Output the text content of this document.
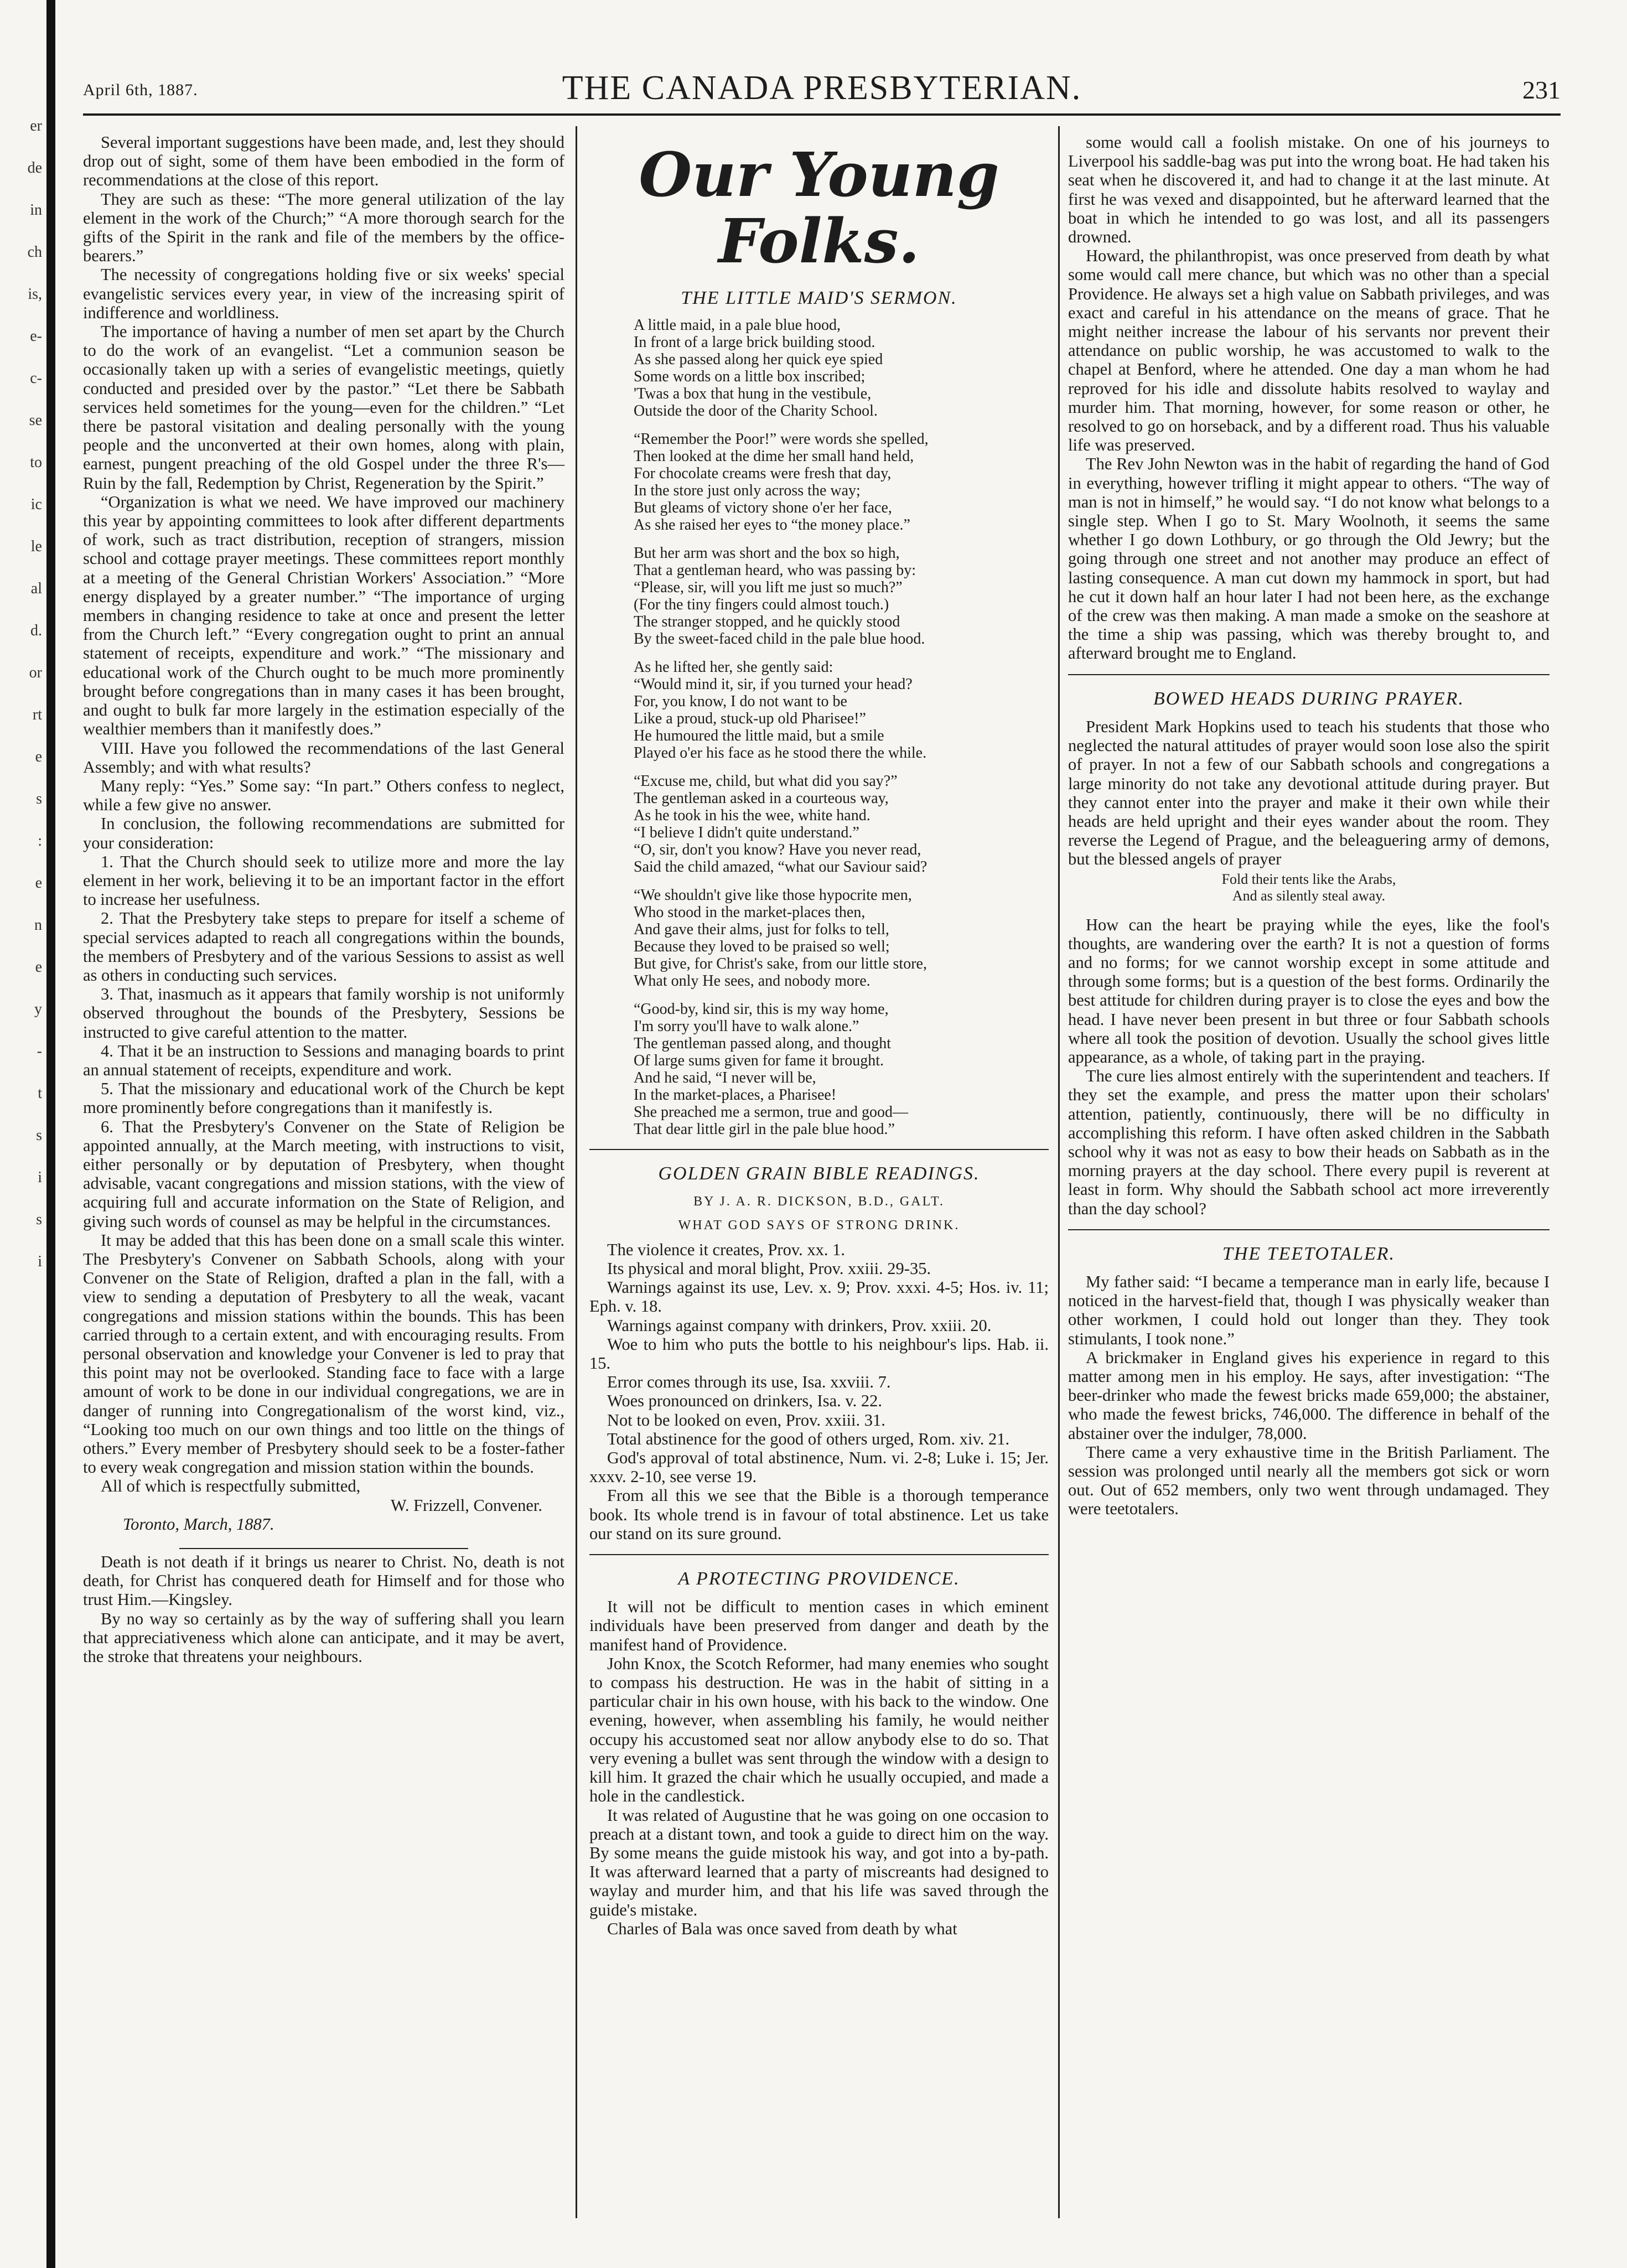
er
de
in
ch
is,
e-
c-
se
to
ic
le
al
d.
or
rt
e
s
:
e
n
e
y
-
t
s
i
s
i
April 6th, 1887.	THE CANADA PRESBYTERIAN.	231

Several important suggestions have been made, and, lest they should drop out of sight, some of them have been embodied in the form of recommendations at the close of this report.

They are such as these: “The more general utilization of the lay element in the work of the Church;” “A more thorough search for the gifts of the Spirit in the rank and file of the members by the office-bearers.”

The necessity of congregations holding five or six weeks' special evangelistic services every year, in view of the increasing spirit of indifference and worldliness.

The importance of having a number of men set apart by the Church to do the work of an evangelist. “Let a communion season be occasionally taken up with a series of evangelistic meetings, quietly conducted and presided over by the pastor.” “Let there be Sabbath services held sometimes for the young—even for the children.” “Let there be pastoral visitation and dealing personally with the young people and the unconverted at their own homes, along with plain, earnest, pungent preaching of the old Gospel under the three R's—Ruin by the fall, Redemption by Christ, Regeneration by the Spirit.”

“Organization is what we need. We have improved our machinery this year by appointing committees to look after different departments of work, such as tract distribution, reception of strangers, mission school and cottage prayer meetings. These committees report monthly at a meeting of the General Christian Workers' Association.” “More energy displayed by a greater number.” “The importance of urging members in changing residence to take at once and present the letter from the Church left.” “Every congregation ought to print an annual statement of receipts, expenditure and work.” “The missionary and educational work of the Church ought to be much more prominently brought before congregations than in many cases it has been brought, and ought to bulk far more largely in the estimation especially of the wealthier members than it manifestly does.”

VIII. Have you followed the recommendations of the last General Assembly; and with what results?

Many reply: “Yes.” Some say: “In part.” Others confess to neglect, while a few give no answer.

In conclusion, the following recommendations are submitted for your consideration:

1. That the Church should seek to utilize more and more the lay element in her work, believing it to be an important factor in the effort to increase her usefulness.

2. That the Presbytery take steps to prepare for itself a scheme of special services adapted to reach all congregations within the bounds, the members of Presbytery and of the various Sessions to assist as well as others in conducting such services.

3. That, inasmuch as it appears that family worship is not uniformly observed throughout the bounds of the Presbytery, Sessions be instructed to give careful attention to the matter.

4. That it be an instruction to Sessions and managing boards to print an annual statement of receipts, expenditure and work.

5. That the missionary and educational work of the Church be kept more prominently before congregations than it manifestly is.

6. That the Presbytery's Convener on the State of Religion be appointed annually, at the March meeting, with instructions to visit, either personally or by deputation of Presbytery, when thought advisable, vacant congregations and mission stations, with the view of acquiring full and accurate information on the State of Religion, and giving such words of counsel as may be helpful in the circumstances.

It may be added that this has been done on a small scale this winter. The Presbytery's Convener on Sabbath Schools, along with your Convener on the State of Religion, drafted a plan in the fall, with a view to sending a deputation of Presbytery to all the weak, vacant congregations and mission stations within the bounds. This has been carried through to a certain extent, and with encouraging results. From personal observation and knowledge your Convener is led to pray that this point may not be overlooked. Standing face to face with a large amount of work to be done in our individual congregations, we are in danger of running into Congregationalism of the worst kind, viz., “Looking too much on our own things and too little on the things of others.” Every member of Presbytery should seek to be a foster-father to every weak congregation and mission station within the bounds.

All of which is respectfully submitted,

W. Frizzell, Convener.

Toronto, March, 1887.

Death is not death if it brings us nearer to Christ. No, death is not death, for Christ has conquered death for Himself and for those who trust Him.—Kingsley.

By no way so certainly as by the way of suffering shall you learn that appreciativeness which alone can anticipate, and it may be avert, the stroke that threatens your neighbours.

Our Young Folks.
THE LITTLE MAID'S SERMON.
A little maid, in a pale blue hood,
In front of a large brick building stood.
As she passed along her quick eye spied
Some words on a little box inscribed;
'Twas a box that hung in the vestibule,
Outside the door of the Charity School.
“Remember the Poor!” were words she spelled,
Then looked at the dime her small hand held,
For chocolate creams were fresh that day,
In the store just only across the way;
But gleams of victory shone o'er her face,
As she raised her eyes to “the money place.”
But her arm was short and the box so high,
That a gentleman heard, who was passing by:
“Please, sir, will you lift me just so much?”
(For the tiny fingers could almost touch.)
The stranger stopped, and he quickly stood
By the sweet-faced child in the pale blue hood.
As he lifted her, she gently said:
“Would mind it, sir, if you turned your head?
For, you know, I do not want to be
Like a proud, stuck-up old Pharisee!”
He humoured the little maid, but a smile
Played o'er his face as he stood there the while.
“Excuse me, child, but what did you say?”
The gentleman asked in a courteous way,
As he took in his the wee, white hand.
“I believe I didn't quite understand.”
“O, sir, don't you know? Have you never read,
Said the child amazed, “what our Saviour said?
“We shouldn't give like those hypocrite men,
Who stood in the market-places then,
And gave their alms, just for folks to tell,
Because they loved to be praised so well;
But give, for Christ's sake, from our little store,
What only He sees, and nobody more.
“Good-by, kind sir, this is my way home,
I'm sorry you'll have to walk alone.”
The gentleman passed along, and thought
Of large sums given for fame it brought.
And he said, “I never will be,
In the market-places, a Pharisee!
She preached me a sermon, true and good—
That dear little girl in the pale blue hood.”
GOLDEN GRAIN BIBLE READINGS.
BY J. A. R. DICKSON, B.D., GALT.
WHAT GOD SAYS OF STRONG DRINK.

The violence it creates, Prov. xx. 1.

Its physical and moral blight, Prov. xxiii. 29-35.

Warnings against its use, Lev. x. 9; Prov. xxxi. 4-5; Hos. iv. 11; Eph. v. 18.

Warnings against company with drinkers, Prov. xxiii. 20.

Woe to him who puts the bottle to his neighbour's lips. Hab. ii. 15.

Error comes through its use, Isa. xxviii. 7.

Woes pronounced on drinkers, Isa. v. 22.

Not to be looked on even, Prov. xxiii. 31.

Total abstinence for the good of others urged, Rom. xiv. 21.

God's approval of total abstinence, Num. vi. 2-8; Luke i. 15; Jer. xxxv. 2-10, see verse 19.

From all this we see that the Bible is a thorough temperance book. Its whole trend is in favour of total abstinence. Let us take our stand on its sure ground.

A PROTECTING PROVIDENCE.

It will not be difficult to mention cases in which eminent individuals have been preserved from danger and death by the manifest hand of Providence.

John Knox, the Scotch Reformer, had many enemies who sought to compass his destruction. He was in the habit of sitting in a particular chair in his own house, with his back to the window. One evening, however, when assembling his family, he would neither occupy his accustomed seat nor allow anybody else to do so. That very evening a bullet was sent through the window with a design to kill him. It grazed the chair which he usually occupied, and made a hole in the candlestick.

It was related of Augustine that he was going on one occasion to preach at a distant town, and took a guide to direct him on the way. By some means the guide mistook his way, and got into a by-path. It was afterward learned that a party of miscreants had designed to waylay and murder him, and that his life was saved through the guide's mistake.

Charles of Bala was once saved from death by what

some would call a foolish mistake. On one of his journeys to Liverpool his saddle-bag was put into the wrong boat. He had taken his seat when he discovered it, and had to change it at the last minute. At first he was vexed and disappointed, but he afterward learned that the boat in which he intended to go was lost, and all its passengers drowned.

Howard, the philanthropist, was once preserved from death by what some would call mere chance, but which was no other than a special Providence. He always set a high value on Sabbath privileges, and was exact and careful in his attendance on the means of grace. That he might neither increase the labour of his servants nor prevent their attendance on public worship, he was accustomed to walk to the chapel at Benford, where he attended. One day a man whom he had reproved for his idle and dissolute habits resolved to waylay and murder him. That morning, however, for some reason or other, he resolved to go on horseback, and by a different road. Thus his valuable life was preserved.

The Rev John Newton was in the habit of regarding the hand of God in everything, however trifling it might appear to others. “The way of man is not in himself,” he would say. “I do not know what belongs to a single step. When I go to St. Mary Woolnoth, it seems the same whether I go down Lothbury, or go through the Old Jewry; but the going through one street and not another may produce an effect of lasting consequence. A man cut down my hammock in sport, but had he cut it down half an hour later I had not been here, as the exchange of the crew was then making. A man made a smoke on the seashore at the time a ship was passing, which was thereby brought to, and afterward brought me to England.

BOWED HEADS DURING PRAYER.

President Mark Hopkins used to teach his students that those who neglected the natural attitudes of prayer would soon lose also the spirit of prayer. In not a few of our Sabbath schools and congregations a large minority do not take any devotional attitude during prayer. But they cannot enter into the prayer and make it their own while their heads are held upright and their eyes wander about the room. They reverse the Legend of Prague, and the beleaguering army of demons, but the blessed angels of prayer

Fold their tents like the Arabs,
And as silently steal away.

How can the heart be praying while the eyes, like the fool's thoughts, are wandering over the earth? It is not a question of forms and no forms; for we cannot worship except in some attitude and through some forms; but is a question of the best forms. Ordinarily the best attitude for children during prayer is to close the eyes and bow the head. I have never been present in but three or four Sabbath schools where all took the position of devotion. Usually the school gives little appearance, as a whole, of taking part in the praying.

The cure lies almost entirely with the superintendent and teachers. If they set the example, and press the matter upon their scholars' attention, patiently, continuously, there will be no difficulty in accomplishing this reform. I have often asked children in the Sabbath school why it was not as easy to bow their heads on Sabbath as in the morning prayers at the day school. There every pupil is reverent at least in form. Why should the Sabbath school act more irreverently than the day school?

THE TEETOTALER.

My father said: “I became a temperance man in early life, because I noticed in the harvest-field that, though I was physically weaker than other workmen, I could hold out longer than they. They took stimulants, I took none.”

A brickmaker in England gives his experience in regard to this matter among men in his employ. He says, after investigation: “The beer-drinker who made the fewest bricks made 659,000; the abstainer, who made the fewest bricks, 746,000. The difference in behalf of the abstainer over the indulger, 78,000.

There came a very exhaustive time in the British Parliament. The session was prolonged until nearly all the members got sick or worn out. Out of 652 members, only two went through undamaged. They were teetotalers.
